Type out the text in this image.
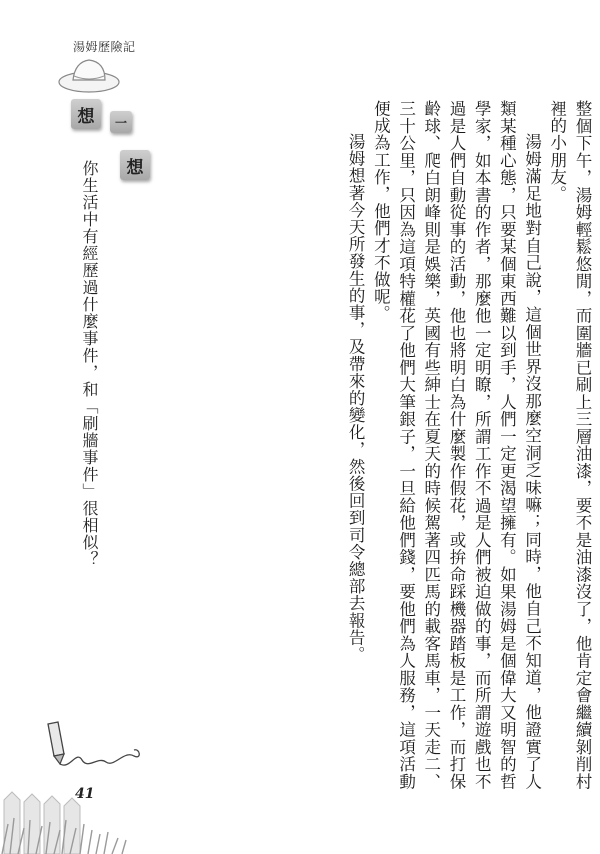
湯姆歷險記
想	一
想
你生活中有經歷過什麼事件，和「刷牆事件」很相似？	整個下午，湯姆輕鬆悠閒，而圍牆已刷上三層油漆，要不是油漆沒了，他肯定會繼續剝削村裡的小朋友。

湯姆滿足地對自己說，這個世界沒那麼空洞乏味嘛；同時，他自己不知道，他證實了人類某種心態，只要某個東西難以到手，人們一定更渴望擁有。如果湯姆是個偉大又明智的哲學家，如本書的作者，那麼他一定明瞭，所謂工作不過是人們被迫做的事，而所謂遊戲也不過是人們自動從事的活動，他也將明白為什麼製作假花，或拚命踩機器踏板是工作，而打保齡球、爬白朗峰則是娛樂，英國有些紳士在夏天的時候駕著四匹馬的載客馬車，一天走二、三十公里，只因為這項特權花了他們大筆銀子，一旦給他們錢，要他們為人服務，這項活動便成為工作，他們才不做呢。

湯姆想著今天所發生的事，及帶來的變化，然後回到司令總部去報告。

41
